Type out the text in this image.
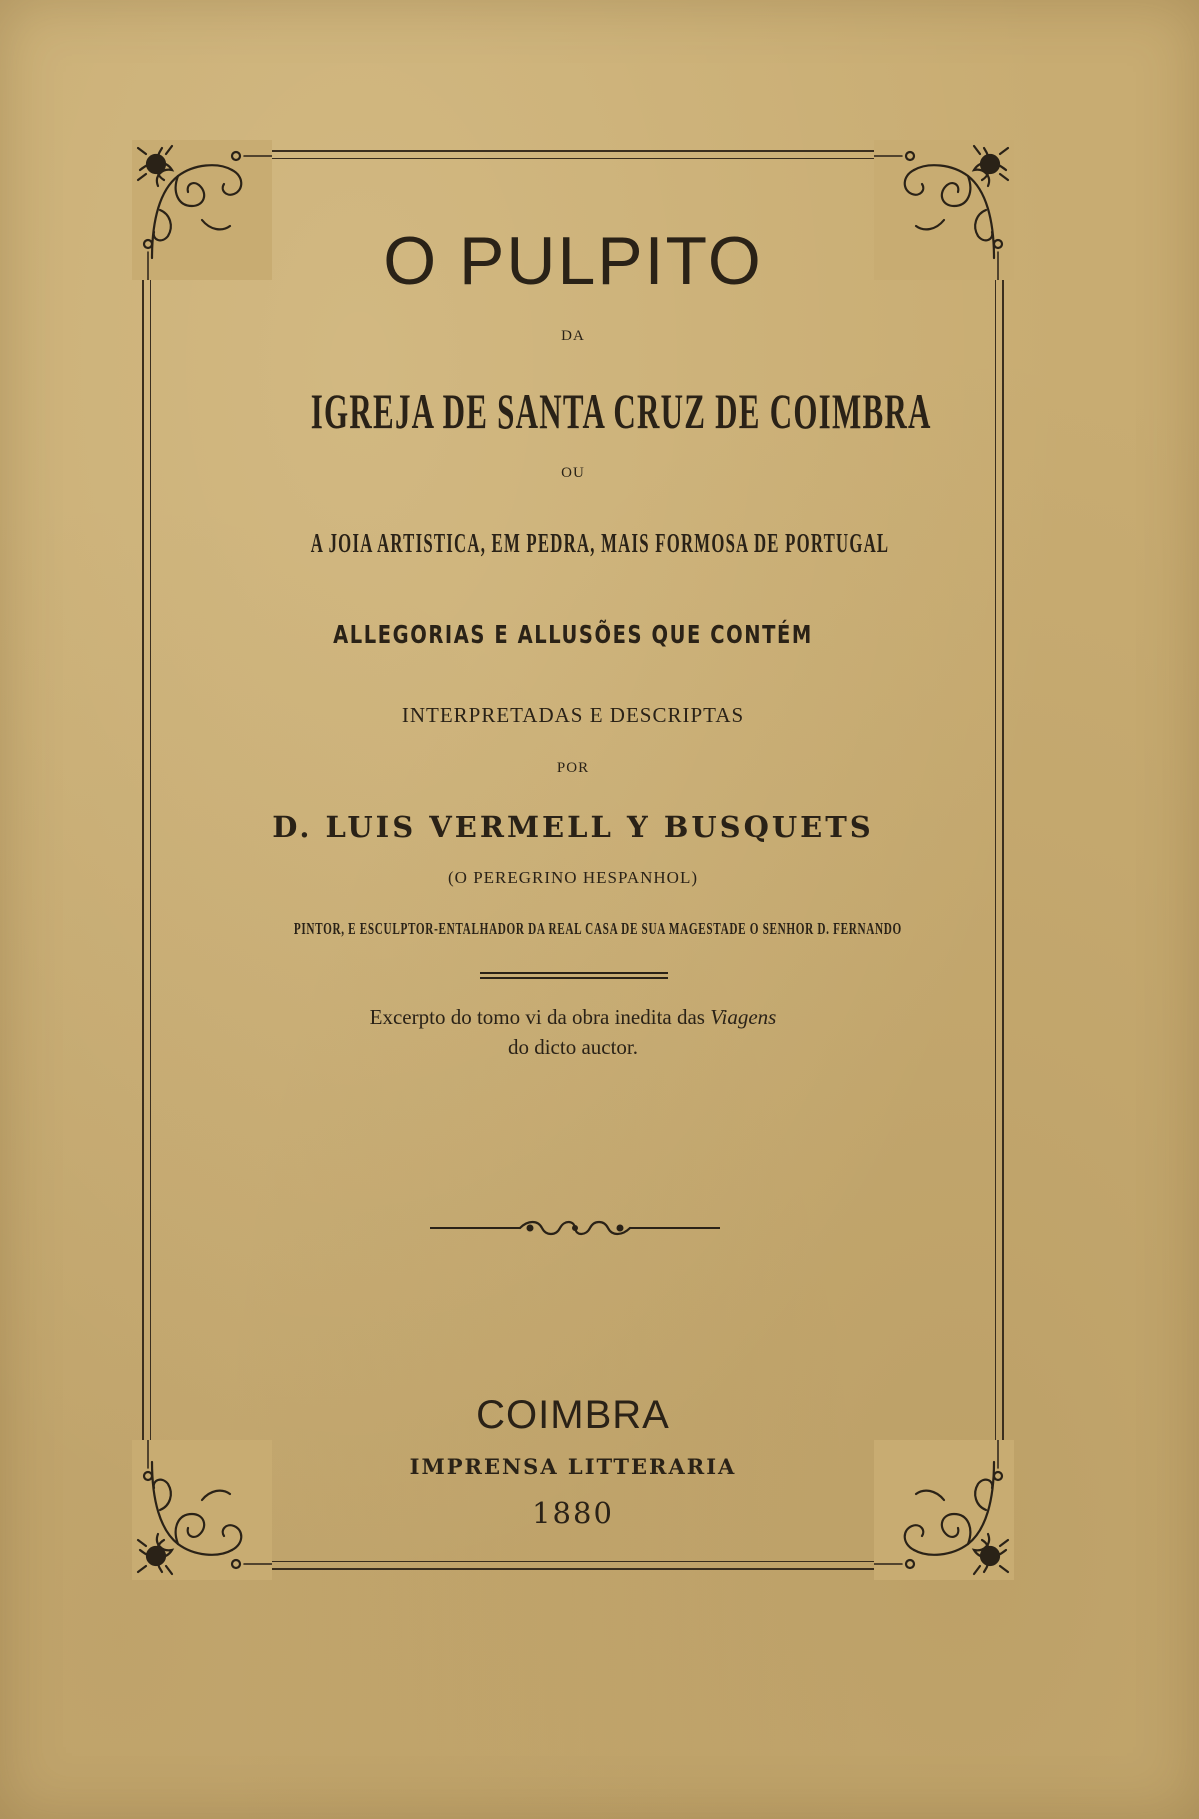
O PULPITO
DA
IGREJA DE SANTA CRUZ DE COIMBRA
OU
A JOIA ARTISTICA, EM PEDRA, MAIS FORMOSA DE PORTUGAL
ALLEGORIAS E ALLUSÕES QUE CONTÉM
INTERPRETADAS E DESCRIPTAS
POR
D. LUIS VERMELL Y BUSQUETS
(O PEREGRINO HESPANHOL)
PINTOR, E ESCULPTOR-ENTALHADOR DA REAL CASA DE SUA MAGESTADE O SENHOR D. FERNANDO
Excerpto do tomo vi da obra inedita das Viagens
do dicto auctor.
COIMBRA
IMPRENSA LITTERARIA
1880
